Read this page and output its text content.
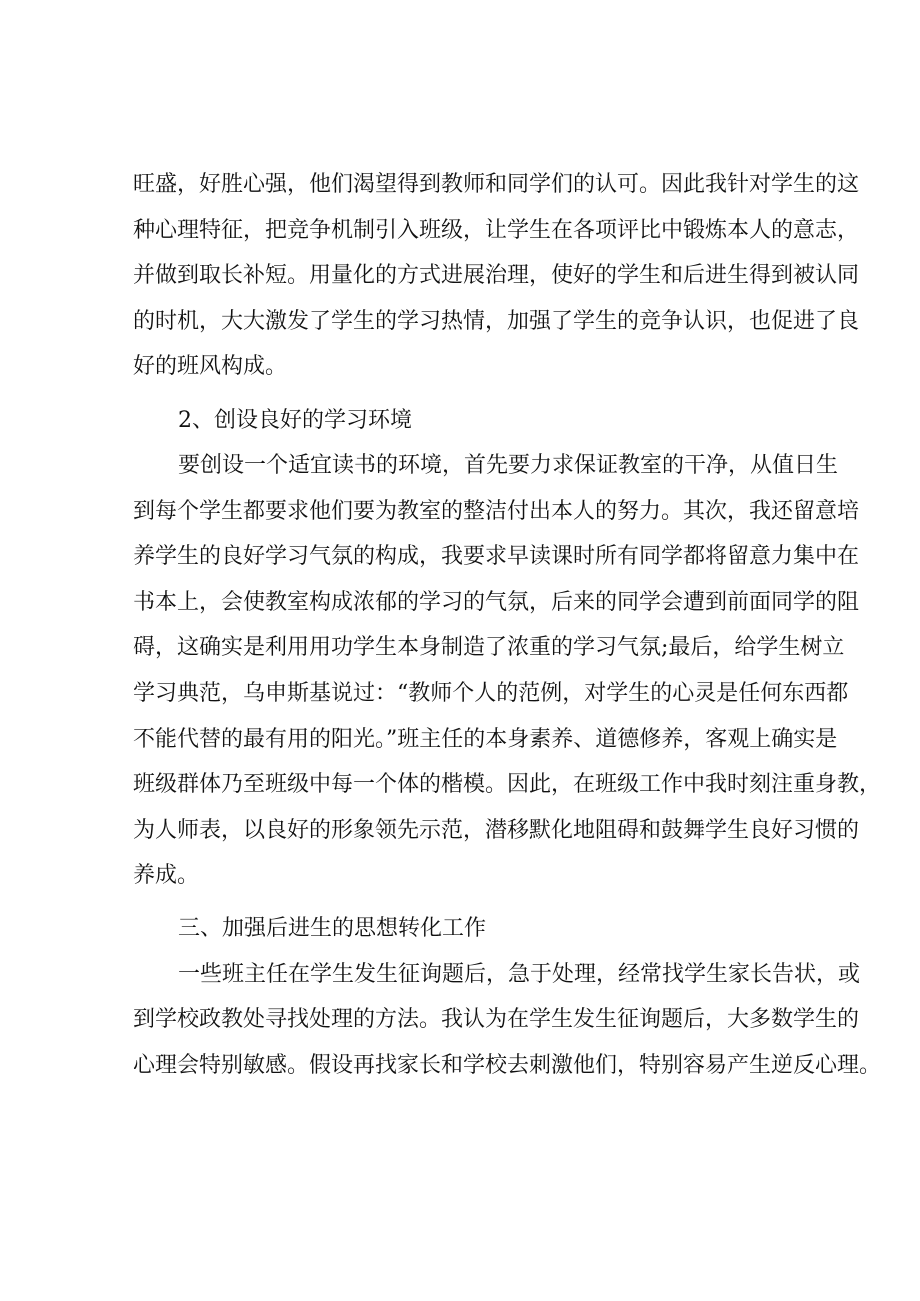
旺盛，好胜心强，他们渴望得到教师和同学们的认可。因此我针对学生的这
种心理特征，把竞争机制引入班级，让学生在各项评比中锻炼本人的意志，
并做到取长补短。用量化的方式进展治理，使好的学生和后进生得到被认同
的时机，大大激发了学生的学习热情，加强了学生的竞争认识，也促进了良
好的班风构成。
2、创设良好的学习环境
要创设一个适宜读书的环境，首先要力求保证教室的干净，从值日生
到每个学生都要求他们要为教室的整洁付出本人的努力。其次，我还留意培
养学生的良好学习气氛的构成，我要求早读课时所有同学都将留意力集中在
书本上，会使教室构成浓郁的学习的气氛，后来的同学会遭到前面同学的阻
碍，这确实是利用用功学生本身制造了浓重的学习气氛;最后，给学生树立
学习典范，乌申斯基说过：“教师个人的范例，对学生的心灵是任何东西都
不能代替的最有用的阳光。”班主任的本身素养、道德修养，客观上确实是
班级群体乃至班级中每一个体的楷模。因此，在班级工作中我时刻注重身教，
为人师表，以良好的形象领先示范，潜移默化地阻碍和鼓舞学生良好习惯的
养成。
三、加强后进生的思想转化工作
一些班主任在学生发生征询题后，急于处理，经常找学生家长告状，或
到学校政教处寻找处理的方法。我认为在学生发生征询题后，大多数学生的
心理会特别敏感。假设再找家长和学校去刺激他们，特别容易产生逆反心理。
